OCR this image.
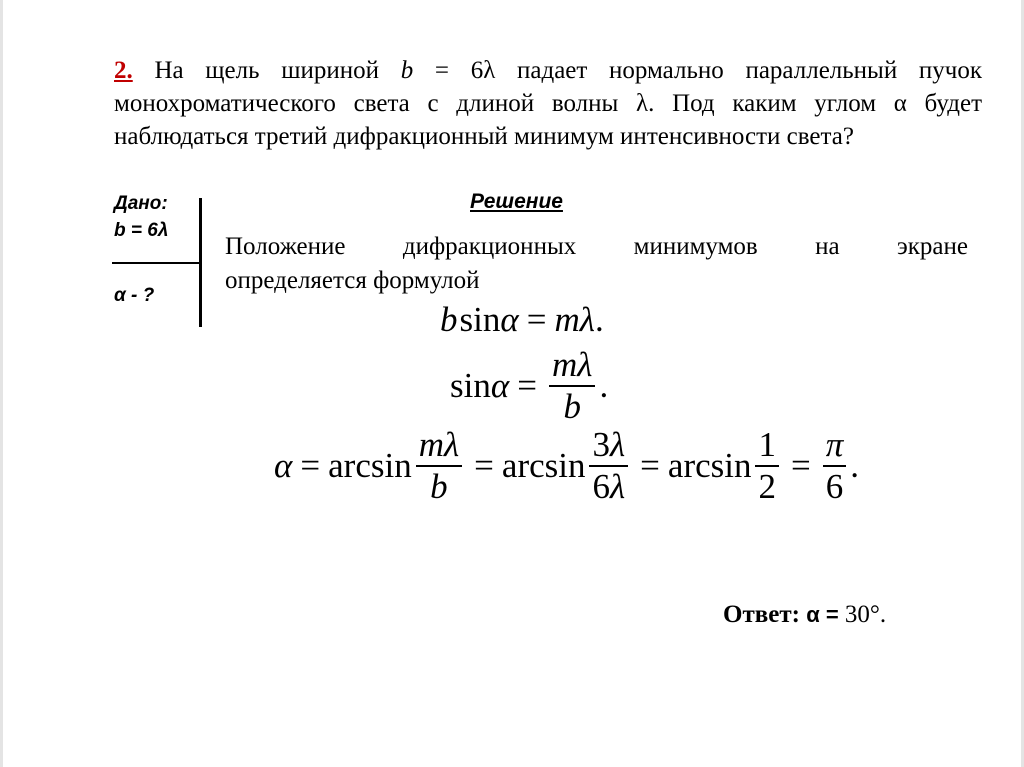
2. На щель шириной b = 6λ падает нормально параллельный пучок
монохроматического света с длиной волны λ. Под каким углом α будет
наблюдаться третий дифракционный минимум интенсивности света?
Дано:
b = 6λ
α - ?
Решение
Положение дифракционных минимумов на экране
определяется формулой
b sin α = m λ .
$\sin \alpha = \frac{m\lambda}{b}$ .
$\alpha = \arcsin \frac{m\lambda}{b} = \arcsin \frac{3\lambda}{6\lambda} = \arcsin \frac{1}{2} = \frac{\pi}{6}$ .
Ответ: α = 30°.
